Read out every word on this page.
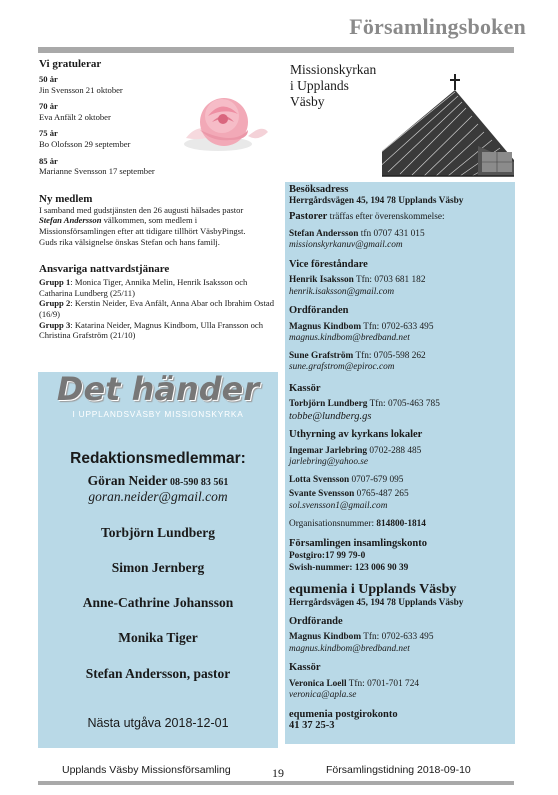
Församlingsboken

Vi gratulerar

50 år

Jin Svensson 21 oktober

70 år

Eva Anfält 2 oktober

75 år

Bo Olofsson 29 september

85 år

Marianne Svensson 17 september

Ny medlem

I samband med gudstjänsten den 26 augusti hälsades pastor
Stefan Andersson välkommen, som medlem i
Missionsförsamlingen efter att tidigare tillhört VäsbyPingst.
Guds rika välsignelse önskas Stefan och hans familj.

Ansvariga nattvardstjänare

Grupp 1: Monica Tiger, Annika Melin, Henrik Isaksson och Catharina Lundberg (25/11)

Grupp 2: Kerstin Neider, Eva Anfält, Anna Abar och Ibrahim Ostad (16/9)

Grupp 3: Katarina Neider, Magnus Kindbom, Ulla Fransson och Christina Grafström (21/10)

Missionskyrkan
i Upplands
Väsby
Besöksadress
Herrgårdsvägen 45, 194 78 Upplands Väsby
Pastorer träffas efter överenskommelse:
Stefan Andersson tfn 0707 431 015
missionskyrkanuv@gmail.com
Vice föreståndare
Henrik Isaksson Tfn: 0703 681 182
henrik.isaksson@gmail.com
Ordföranden
Magnus Kindbom Tfn: 0702-633 495
magnus.kindbom@bredband.net
Sune Grafström Tfn: 0705-598 262
sune.grafstrom@epiroc.com
Kassör
Torbjörn Lundberg Tfn: 0705-463 785
tobbe@lundberg.gs
Uthyrning av kyrkans lokaler
Ingemar Jarlebring 0702-288 485
jarlebring@yahoo.se
Lotta Svensson 0707-679 095
Svante Svensson 0765-487 265
sol.svensson1@gmail.com
Organisationsnummer: 814800-1814
Församlingen insamlingskonto
Postgiro:17 99 79-0
Swish-nummer: 123 006 90 39
equmenia i Upplands Väsby
Herrgårdsvägen 45, 194 78 Upplands Väsby
Ordförande
Magnus Kindbom Tfn: 0702-633 495
magnus.kindbom@bredband.net
Kassör
Veronica Loell Tfn: 0701-701 724
veronica@apla.se
equmenia postgirokonto
41 37 25-3
Det händer
I UPPLANDSVÄSBY MISSIONSKYRKA
Redaktionsmedlemmar:
Göran Neider 08-590 83 561
goran.neider@gmail.com
Torbjörn Lundberg
Simon Jernberg
Anne-Cathrine Johansson
Monika Tiger
Stefan Andersson, pastor
Nästa utgåva 2018-12-01
Upplands Väsby Missionsförsamling	19	Församlingstidning 2018-09-10
